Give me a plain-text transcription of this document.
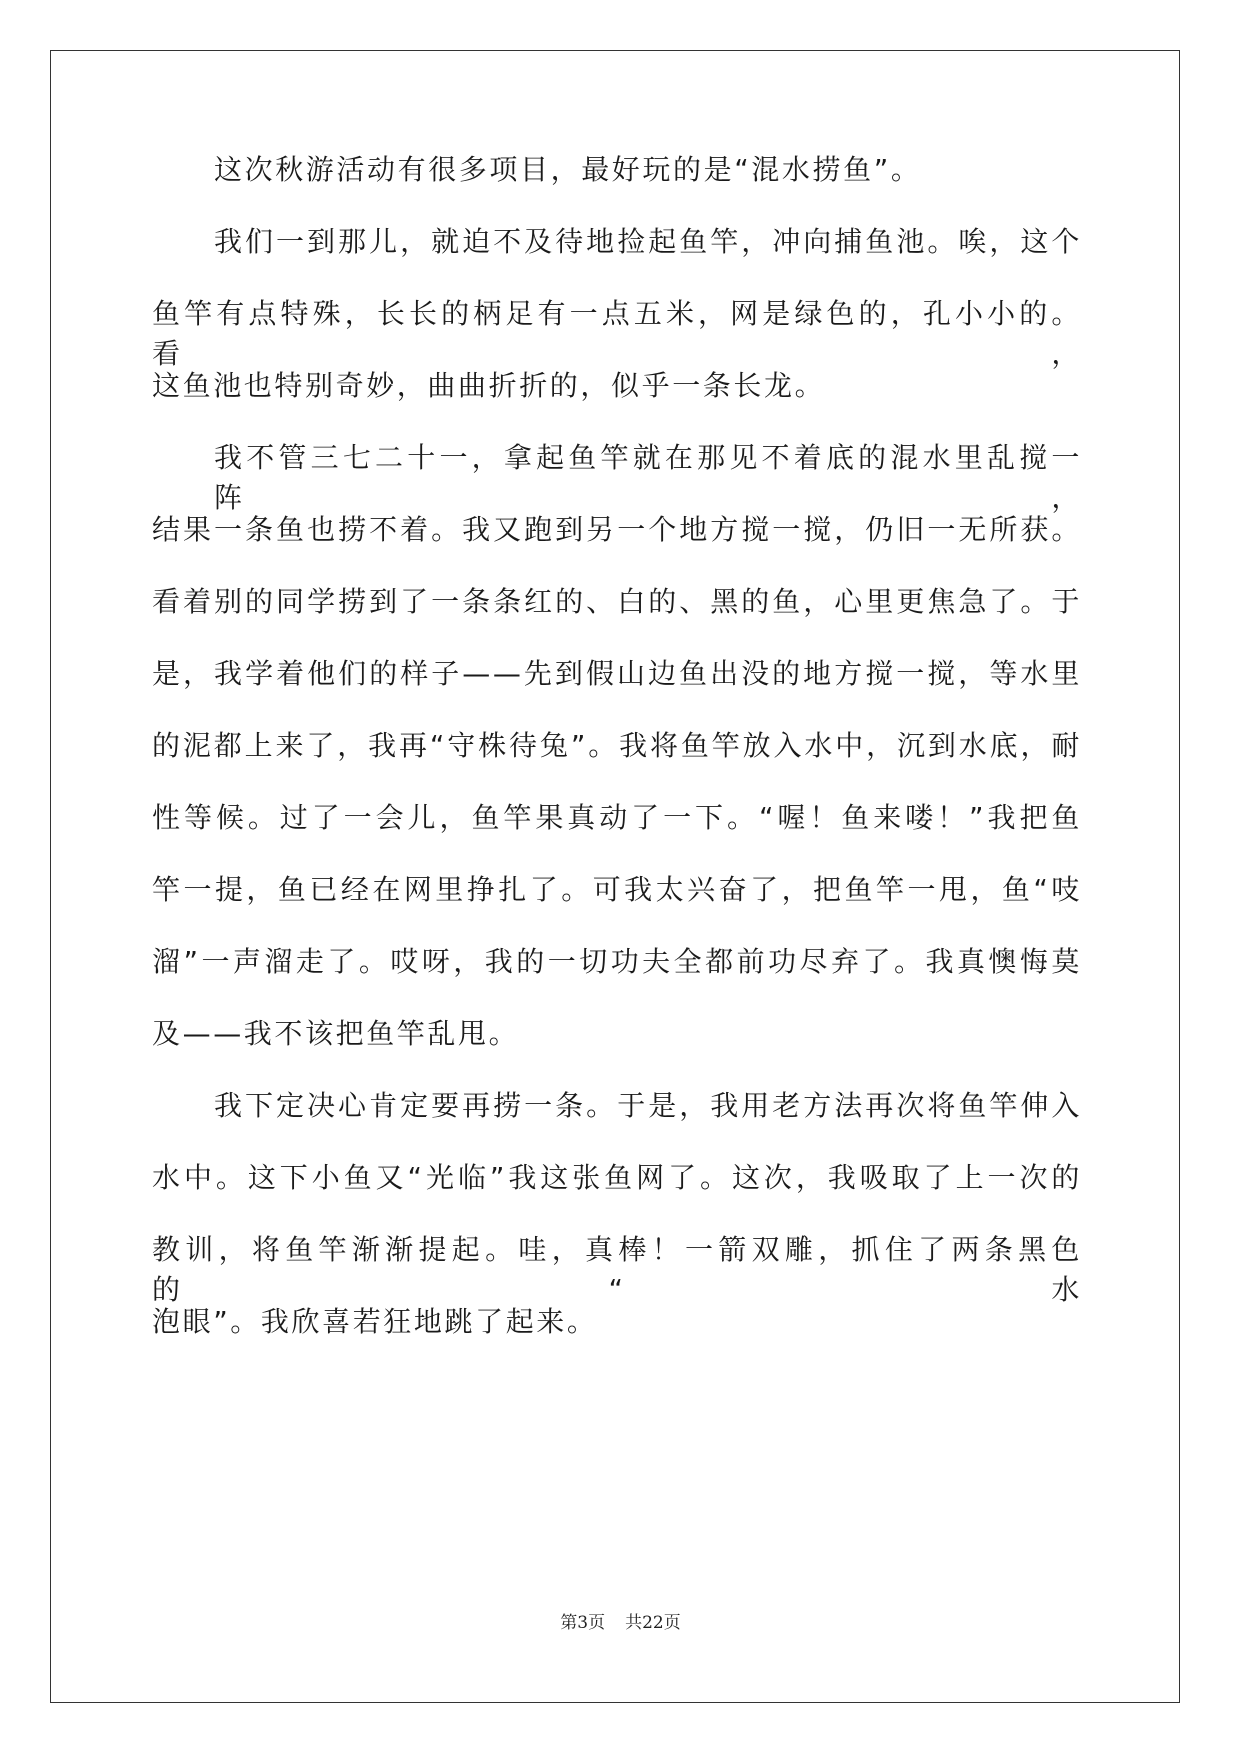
这次秋游活动有很多项目，最好玩的是“混水捞鱼”。
我们一到那儿，就迫不及待地捡起鱼竿，冲向捕鱼池。唉，这个
鱼竿有点特殊，长长的柄足有一点五米，网是绿色的，孔小小的。看，
这鱼池也特别奇妙，曲曲折折的，似乎一条长龙。
我不管三七二十一，拿起鱼竿就在那见不着底的混水里乱搅一阵，
结果一条鱼也捞不着。我又跑到另一个地方搅一搅，仍旧一无所获。
看着别的同学捞到了一条条红的、白的、黑的鱼，心里更焦急了。于
是，我学着他们的样子——先到假山边鱼出没的地方搅一搅，等水里
的泥都上来了，我再“守株待兔”。我将鱼竿放入水中，沉到水底，耐
性等候。过了一会儿，鱼竿果真动了一下。“喔！鱼来喽！”我把鱼
竿一提，鱼已经在网里挣扎了。可我太兴奋了，把鱼竿一甩，鱼“吱
溜”一声溜走了。哎呀，我的一切功夫全都前功尽弃了。我真懊悔莫
及——我不该把鱼竿乱甩。
我下定决心肯定要再捞一条。于是，我用老方法再次将鱼竿伸入
水中。这下小鱼又“光临”我这张鱼网了。这次，我吸取了上一次的
教训，将鱼竿渐渐提起。哇，真棒！一箭双雕，抓住了两条黑色的“水
泡眼”。我欣喜若狂地跳了起来。
第3页 共22页
